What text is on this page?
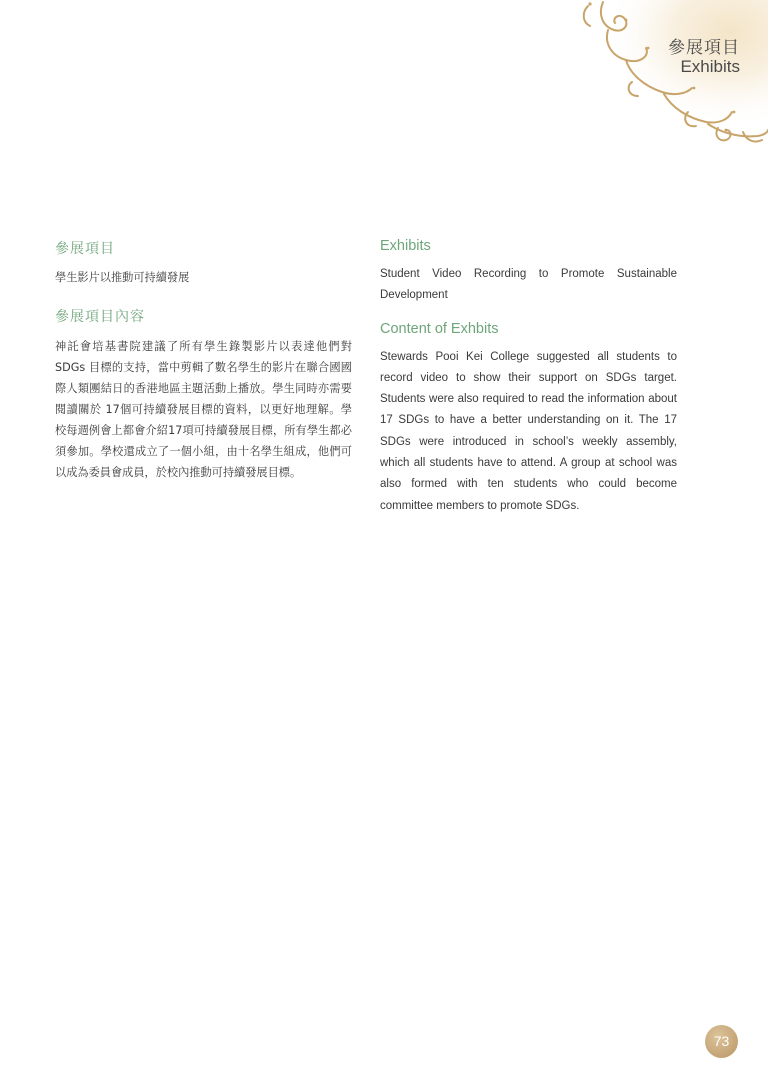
參展項目
Exhibits
參展項目

學生影片以推動可持續發展

參展項目內容

神託會培基書院建議了所有學生錄製影片以表達他們對 SDGs 目標的支持，當中剪輯了數名學生的影片在聯合國國際人類團結日的香港地區主題活動上播放。學生同時亦需要閱讀關於 17個可持續發展目標的資料，以更好地理解。學校每週例會上都會介紹17項可持續發展目標，所有學生都必須參加。學校還成立了一個小組，由十名學生組成，他們可以成為委員會成員，於校內推動可持續發展目標。

Exhibits

Student Video Recording to Promote Sustainable Development

Content of Exhbits

Stewards Pooi Kei College suggested all students to record video to show their support on SDGs target. Students were also required to read the information about 17 SDGs to have a better understanding on it. The 17 SDGs were introduced in school’s weekly assembly, which all students have to attend. A group at school was also formed with ten students who could become committee members to promote SDGs.

73
